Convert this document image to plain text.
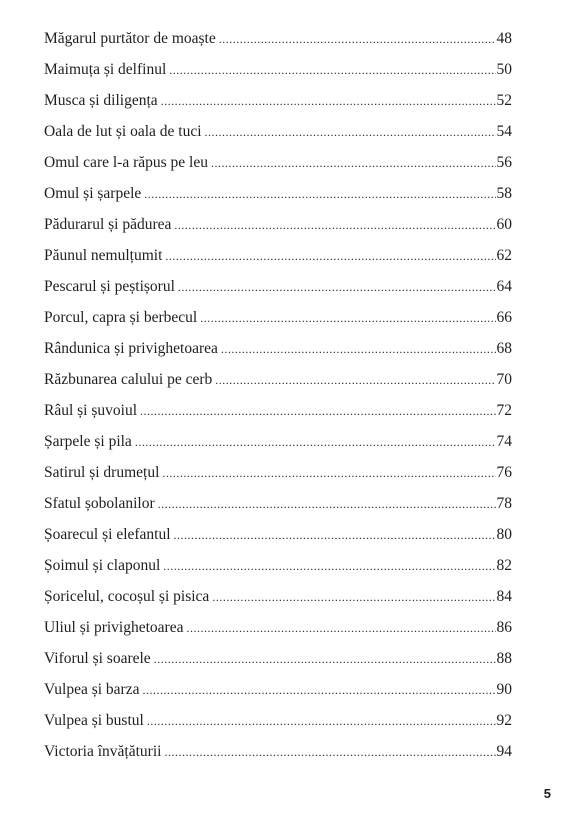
Măgarul purtător de moaște .....	48
Maimuța și delfinul .....	50
Musca și diligența .....	52
Oala de lut și oala de tuci .....	54
Omul care l-a răpus pe leu .....	56
Omul și șarpele .....	58
Pădurarul și pădurea .....	60
Păunul nemulțumit .....	62
Pescarul și peștișorul .....	64
Porcul, capra și berbecul .....	66
Rândunica și privighetoarea .....	68
Răzbunarea calului pe cerb .....	70
Râul și șuvoiul .....	72
Șarpele și pila .....	74
Satirul și drumețul .....	76
Sfatul șobolanilor .....	78
Șoarecul și elefantul .....	80
Șoimul și claponul .....	82
Șoricelul, cocoșul și pisica .....	84
Uliul și privighetoarea .....	86
Viforul și soarele .....	88
Vulpea și barza .....	90
Vulpea și bustul .....	92
Victoria învățăturii .....	94
5
